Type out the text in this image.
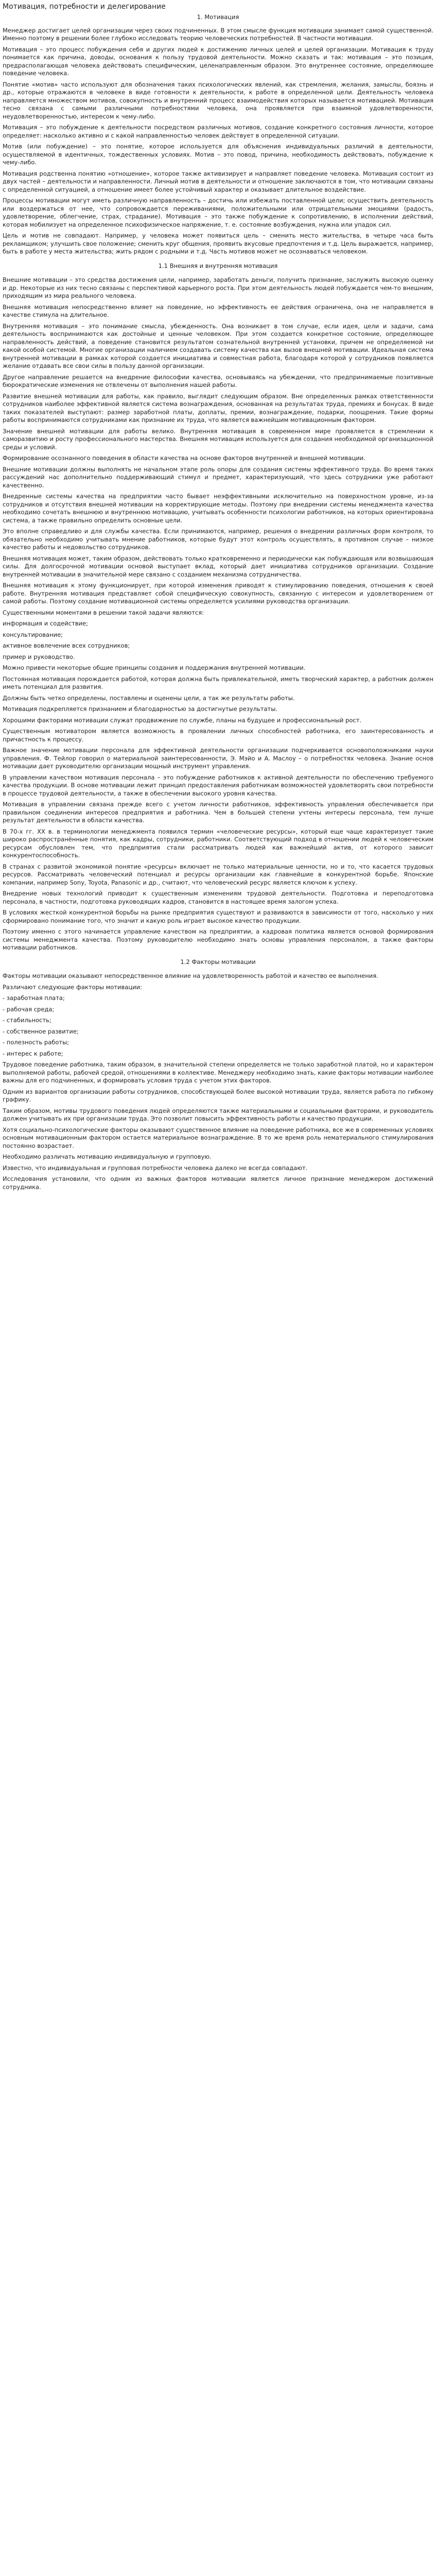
Мотивация, потребности и делегирование
1. Мотивация

Менеджер достигает целей организации через своих подчиненных. В этом смысле функция мотивации занимает самой существенной. Именно поэтому в решении более глубоко исследовать теорию человеческих потребностей. В частности мотивации.

Мотивация – это процесс побуждения себя и других людей к достижению личных целей и целей организации. Мотивация к труду понимается как причина, доводы, основания к пользу трудовой деятельности. Можно сказать и так: мотивация – это позиция, предрасполагающая человека действовать специфическим, целенаправленным образом. Это внутреннее состояние, определяющее поведение человека.

Понятие «мотив» часто используют для обозначения таких психологических явлений, как стремления, желания, замыслы, боязнь и др., которые отражаются в человеке в виде готовности к деятельности, к работе в определенной цели. Деятельность человека направляется множеством мотивов, совокупность и внутренний процесс взаимодействия которых называется мотивацией. Мотивация тесно связана с самыми различными потребностями человека, она проявляется при взаимной удовлетворенности, неудовлетворенностью, интересом к чему-либо.

Мотивация – это побуждение к деятельности посредством различных мотивов, создание конкретного состояния личности, которое определяет: насколько активно и с какой направленностью человек действует в определенной ситуации.

Мотив (или побуждение) – это понятие, которое используется для объяснения индивидуальных различий в деятельности, осуществляемой в идентичных, тождественных условиях. Мотив – это повод, причина, необходимость действовать, побуждение к чему-либо.

Мотивация родственна понятию «отношение», которое также активизирует и направляет поведение человека. Мотивация состоит из двух частей – деятельности и направленности. Личный мотив в деятельности и отношение заключаются в том, что мотивации связаны с определенной ситуацией, а отношение имеет более устойчивый характер и оказывает длительное воздействие.

Процессы мотивации могут иметь различную направленность – достичь или избежать поставленной цели; осуществить деятельность или воздержаться от нее, что сопровождается переживаниями, положительными или отрицательными эмоциями (радость, удовлетворение, облегчение, страх, страдание). Мотивация – это также побуждение к сопротивлению, в исполнении действий, которая мобилизует на определенное психофизическое напряжение, т. е. состояние возбуждения, нужна или упадок сил.

Цель и мотив не совпадают. Например, у человека может появиться цель – сменить место жительства, в четыре часа быть рекламщиком; улучшить свое положение; сменить круг общения, проявить вкусовые предпочтения и т.д. Цель выражается, например, быть в работе у места жительства; жить рядом с родными и т.д. Часть мотивов может не осознаваться человеком.

1.1 Внешняя и внутренняя мотивация

Внешние мотивации – это средства достижения цели, например, заработать деньги, получить признание, заслужить высокую оценку и др. Некоторые из них тесно связаны с перспективой карьерного роста. При этом деятельность людей побуждается чем-то внешним, приходящим из мира реального человека.

Внешняя мотивация непосредственно влияет на поведение, но эффективность ее действия ограничена, она не направляется в качестве стимула на длительное.

Внутренняя мотивация – это понимание смысла, убежденность. Она возникает в том случае, если идея, цели и задачи, сама деятельность воспринимаются как достойные и ценные человеком. При этом создается конкретное состояние, определяющее направленность действий, а поведение становится результатом сознательной внутренней установки, причем не определяемой ни какой особой системой. Многие организации наличием создавать систему качества как вызов внешней мотивации. Идеальная система внутренней мотивации в рамках которой создается инициатива и совместная работа, благодаря которой у сотрудников появляется желание отдавать все свои силы в пользу данной организации.

Другое направление решается на внедрение философии качества, основываясь на убеждении, что предпринимаемые позитивные бюрократические изменения не отвлечены от выполнения нашей работы.

Развитие внешней мотивации для работы, как правило, выглядит следующим образом. Вне определенных рамках ответственности сотрудников наиболее эффективной является система вознаграждения, основанная на результатах труда, премиях и бонусах. В виде таких показателей выступают: размер заработной платы, доплаты, премии, вознаграждение, подарки, поощрения. Такие формы работы воспринимаются сотрудниками как признание их труда, что является важнейшим мотивационным фактором.

Значение внешней мотивации для работы велико. Внутренняя мотивация в современном мире проявляется в стремлении к саморазвитию и росту профессионального мастерства. Внешняя мотивация используется для создания необходимой организационной среды и условий.

Формирование осознанного поведения в области качества на основе факторов внутренней и внешней мотивации.

Внешние мотивации должны выполнять не начальном этапе роль опоры для создания системы эффективного труда. Во время таких рассуждений нас дополнительно поддерживающий стимул и предмет, характеризующий, что здесь сотрудники уже работают качественно.

Внедренные системы качества на предприятии часто бывает неэффективными исключительно на поверхностном уровне, из-за сотрудников и отсутствия внешней мотивации на корректирующие методы. Поэтому при внедрении системы менеджмента качества необходимо сочетать внешнюю и внутреннюю мотивацию, учитывать особенности психологии работников, на которых ориентирована система, а также правильно определить основные цели.

Это вполне справедливо и для службы качества. Если принимаются, например, решения о внедрении различных форм контроля, то обязательно необходимо учитывать мнение работников, которые будут этот контроль осуществлять, в противном случае – низкое качество работы и недовольство сотрудников.

Внешняя мотивация может, таким образом, действовать только кратковременно и периодически как побуждающая или возвышающая силы. Для долгосрочной мотивации основой выступает вклад, который дает инициатива сотрудников организации. Создание внутренней мотивации в значительной мере связано с созданием механизма сотрудничества.

Внешняя мотивация к этому функционирует, при которой изменения приводят к стимулированию поведения, отношения к своей работе. Внутренняя мотивация представляет собой специфическую совокупность, связанную с интересом и удовлетворением от самой работы. Поэтому создание мотивационной системы определяется усилиями руководства организации.

Существенными моментами в решении такой задачи являются:

информация и содействие;

консультирование;

активное вовлечение всех сотрудников;

пример и руководство.

Можно привести некоторые общие принципы создания и поддержания внутренней мотивации.

Постоянная мотивация порождается работой, которая должна быть привлекательной, иметь творческий характер, а работник должен иметь потенциал для развития.

Должны быть четко определены, поставлены и оценены цели, а так же результаты работы.

Мотивация подкрепляется признанием и благодарностью за достигнутые результаты.

Хорошими факторами мотивации служат продвижение по службе, планы на будущее и профессиональный рост.

Существенным мотиватором является возможность в проявлении личных способностей работника, его заинтересованность и причастность к процессу.

Важное значение мотивации персонала для эффективной деятельности организации подчеркивается основоположниками науки управления. Ф. Тейлор говорил о материальной заинтересованности, Э. Мэйо и А. Маслоу – о потребностях человека. Знание основ мотивации дает руководителю организации мощный инструмент управления.

В управлении качеством мотивация персонала – это побуждение работников к активной деятельности по обеспечению требуемого качества продукции. В основе мотивации лежит принцип предоставления работникам возможностей удовлетворять свои потребности в процессе трудовой деятельности, а также в обеспечении высокого уровня качества.

Мотивация в управлении связана прежде всего с учетом личности работников, эффективность управления обеспечивается при правильном соединении интересов предприятия и работника. Чем в большей степени учтены интересы персонала, тем лучше результат деятельности в области качества.

В 70-х гг. ХХ в. в терминологии менеджмента появился термин «человеческие ресурсы», который еще чаще характеризует такие широко распространённые понятия, как кадры, сотрудники, работники. Соответствующий подход в отношении людей к человеческим ресурсам обусловлен тем, что предприятия стали рассматривать людей как важнейший актив, от которого зависит конкурентоспособность.

В странах с развитой экономикой понятие «ресурсы» включает не только материальные ценности, но и то, что касается трудовых ресурсов. Рассматривать человеческий потенциал и ресурсы организации как главнейшие в конкурентной борьбе. Японские компании, например Sony, Toyota, Panasonic и др., считают, что человеческий ресурс является ключом к успеху.

Внедрение новых технологий приводит к существенным изменениям трудовой деятельности. Подготовка и переподготовка персонала, в частности, подготовка руководящих кадров, становится в настоящее время залогом успеха.

В условиях жесткой конкурентной борьбы на рынке предприятия существуют и развиваются в зависимости от того, насколько у них сформировано понимание того, что значит и какую роль играет высокое качество продукции.

Поэтому именно с этого начинается управление качеством на предприятии, а кадровая политика является основой формирования системы менеджмента качества. Поэтому руководителю необходимо знать основы управления персоналом, а также факторы мотивации работников.

1.2 Факторы мотивации

Факторы мотивации оказывают непосредственное влияние на удовлетворенность работой и качество ее выполнения.

Различают следующие факторы мотивации:

- заработная плата;

- рабочая среда;

- стабильность;

- собственное развитие;

- полезность работы;

- интерес к работе;

Трудовое поведение работника, таким образом, в значительной степени определяется не только заработной платой, но и характером выполняемой работы, рабочей средой, отношениями в коллективе. Менеджеру необходимо знать, какие факторы мотивации наиболее важны для его подчиненных, и формировать условия труда с учетом этих факторов.

Одним из вариантов организации работы сотрудников, способствующей более высокой мотивации труда, является работа по гибкому графику.

Таким образом, мотивы трудового поведения людей определяются также материальными и социальными факторами, и руководитель должен учитывать их при организации труда. Это позволит повысить эффективность работы и качество продукции.

Хотя социально-психологические факторы оказывают существенное влияние на поведение работника, все же в современных условиях основным мотивационным фактором остается материальное вознаграждение. В то же время роль нематериального стимулирования постоянно возрастает.

Необходимо различать мотивацию индивидуальную и групповую.

Известно, что индивидуальная и групповая потребности человека далеко не всегда совпадают.

Исследования установили, что одним из важных факторов мотивации является личное признание менеджером достижений сотрудника.
